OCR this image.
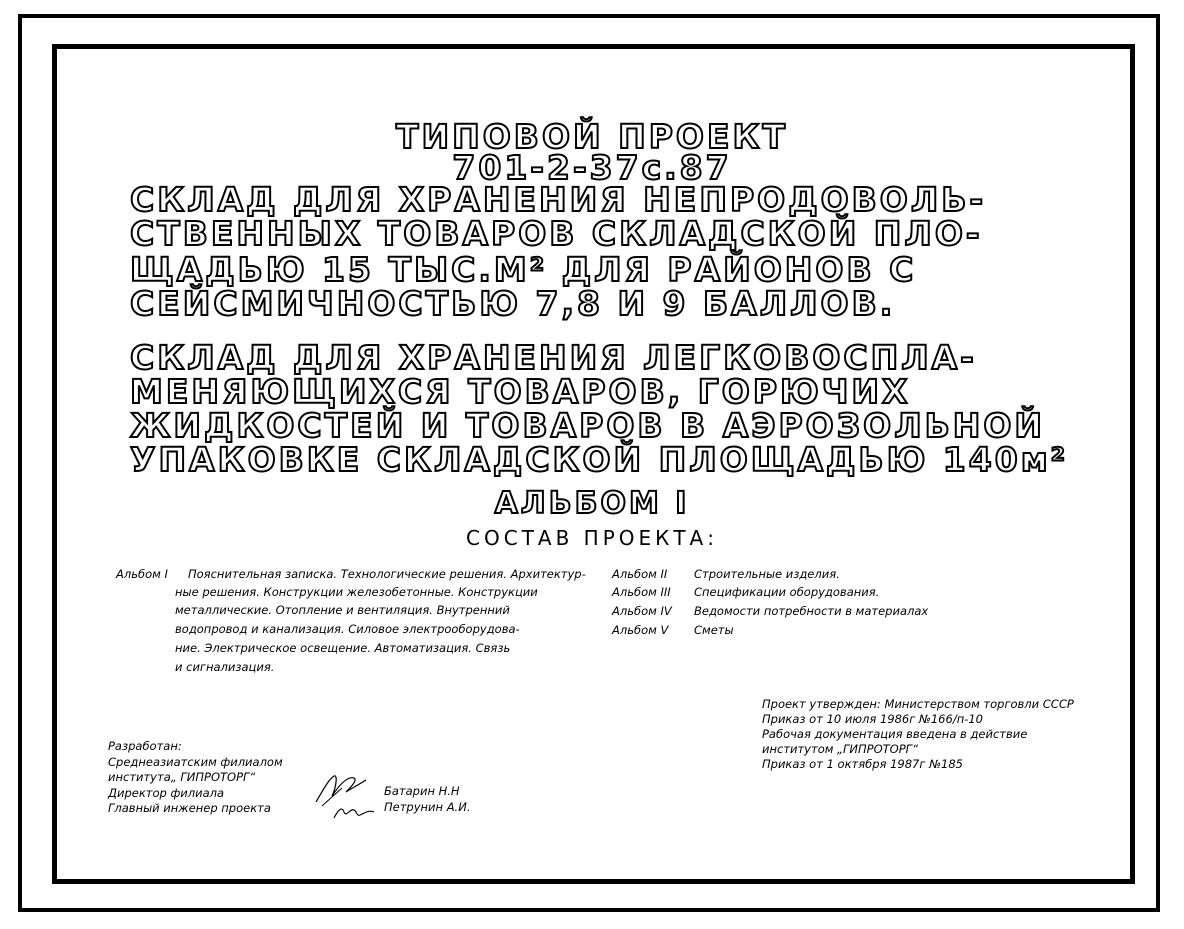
ТИПОВОЙ ПРОЕКТ
701-2-37с.87
СКЛАД ДЛЯ ХРАНЕНИЯ НЕПРОДОВОЛЬ-
СТВЕННЫХ ТОВАРОВ СКЛАДСКОЙ ПЛО-
ЩАДЬЮ 15 ТЫС.М² ДЛЯ РАЙОНОВ С
СЕЙСМИЧНОСТЬЮ 7,8 И 9 БАЛЛОВ.
СКЛАД ДЛЯ ХРАНЕНИЯ ЛЕГКОВОСПЛА-
МЕНЯЮЩИХСЯ ТОВАРОВ, ГОРЮЧИХ
ЖИДКОСТЕЙ И ТОВАРОВ В АЭРОЗОЛЬНОЙ
УПАКОВКЕ СКЛАДСКОЙ ПЛОЩАДЬЮ 140м²
АЛЬБОМ I
СОСТАВ ПРОЕКТА:
Альбом I Пояснительная записка. Технологические решения. Архитектур-
ные решения. Конструкции железобетонные. Конструкции
металлические. Отопление и вентиляция. Внутренний
водопровод и канализация. Силовое электрооборудова-
ние. Электрическое освещение. Автоматизация. Связь
и сигнализация.
Альбом II Строительные изделия.
Альбом III Спецификации оборудования.
Альбом IV Ведомости потребности в материалах
Альбом V Сметы
Проект утвержден: Министерством торговли СССР
Приказ от 10 июля 1986г №166/п-10
Рабочая документация введена в действие
институтом „ГИПРОТОРГ“
Приказ от 1 октября 1987г №185
Разработан:
Среднеазиатским филиалом
института„ ГИПРОТОРГ“
Директор филиала
Главный инженер проекта
Батарин Н.Н
Петрунин А.И.
